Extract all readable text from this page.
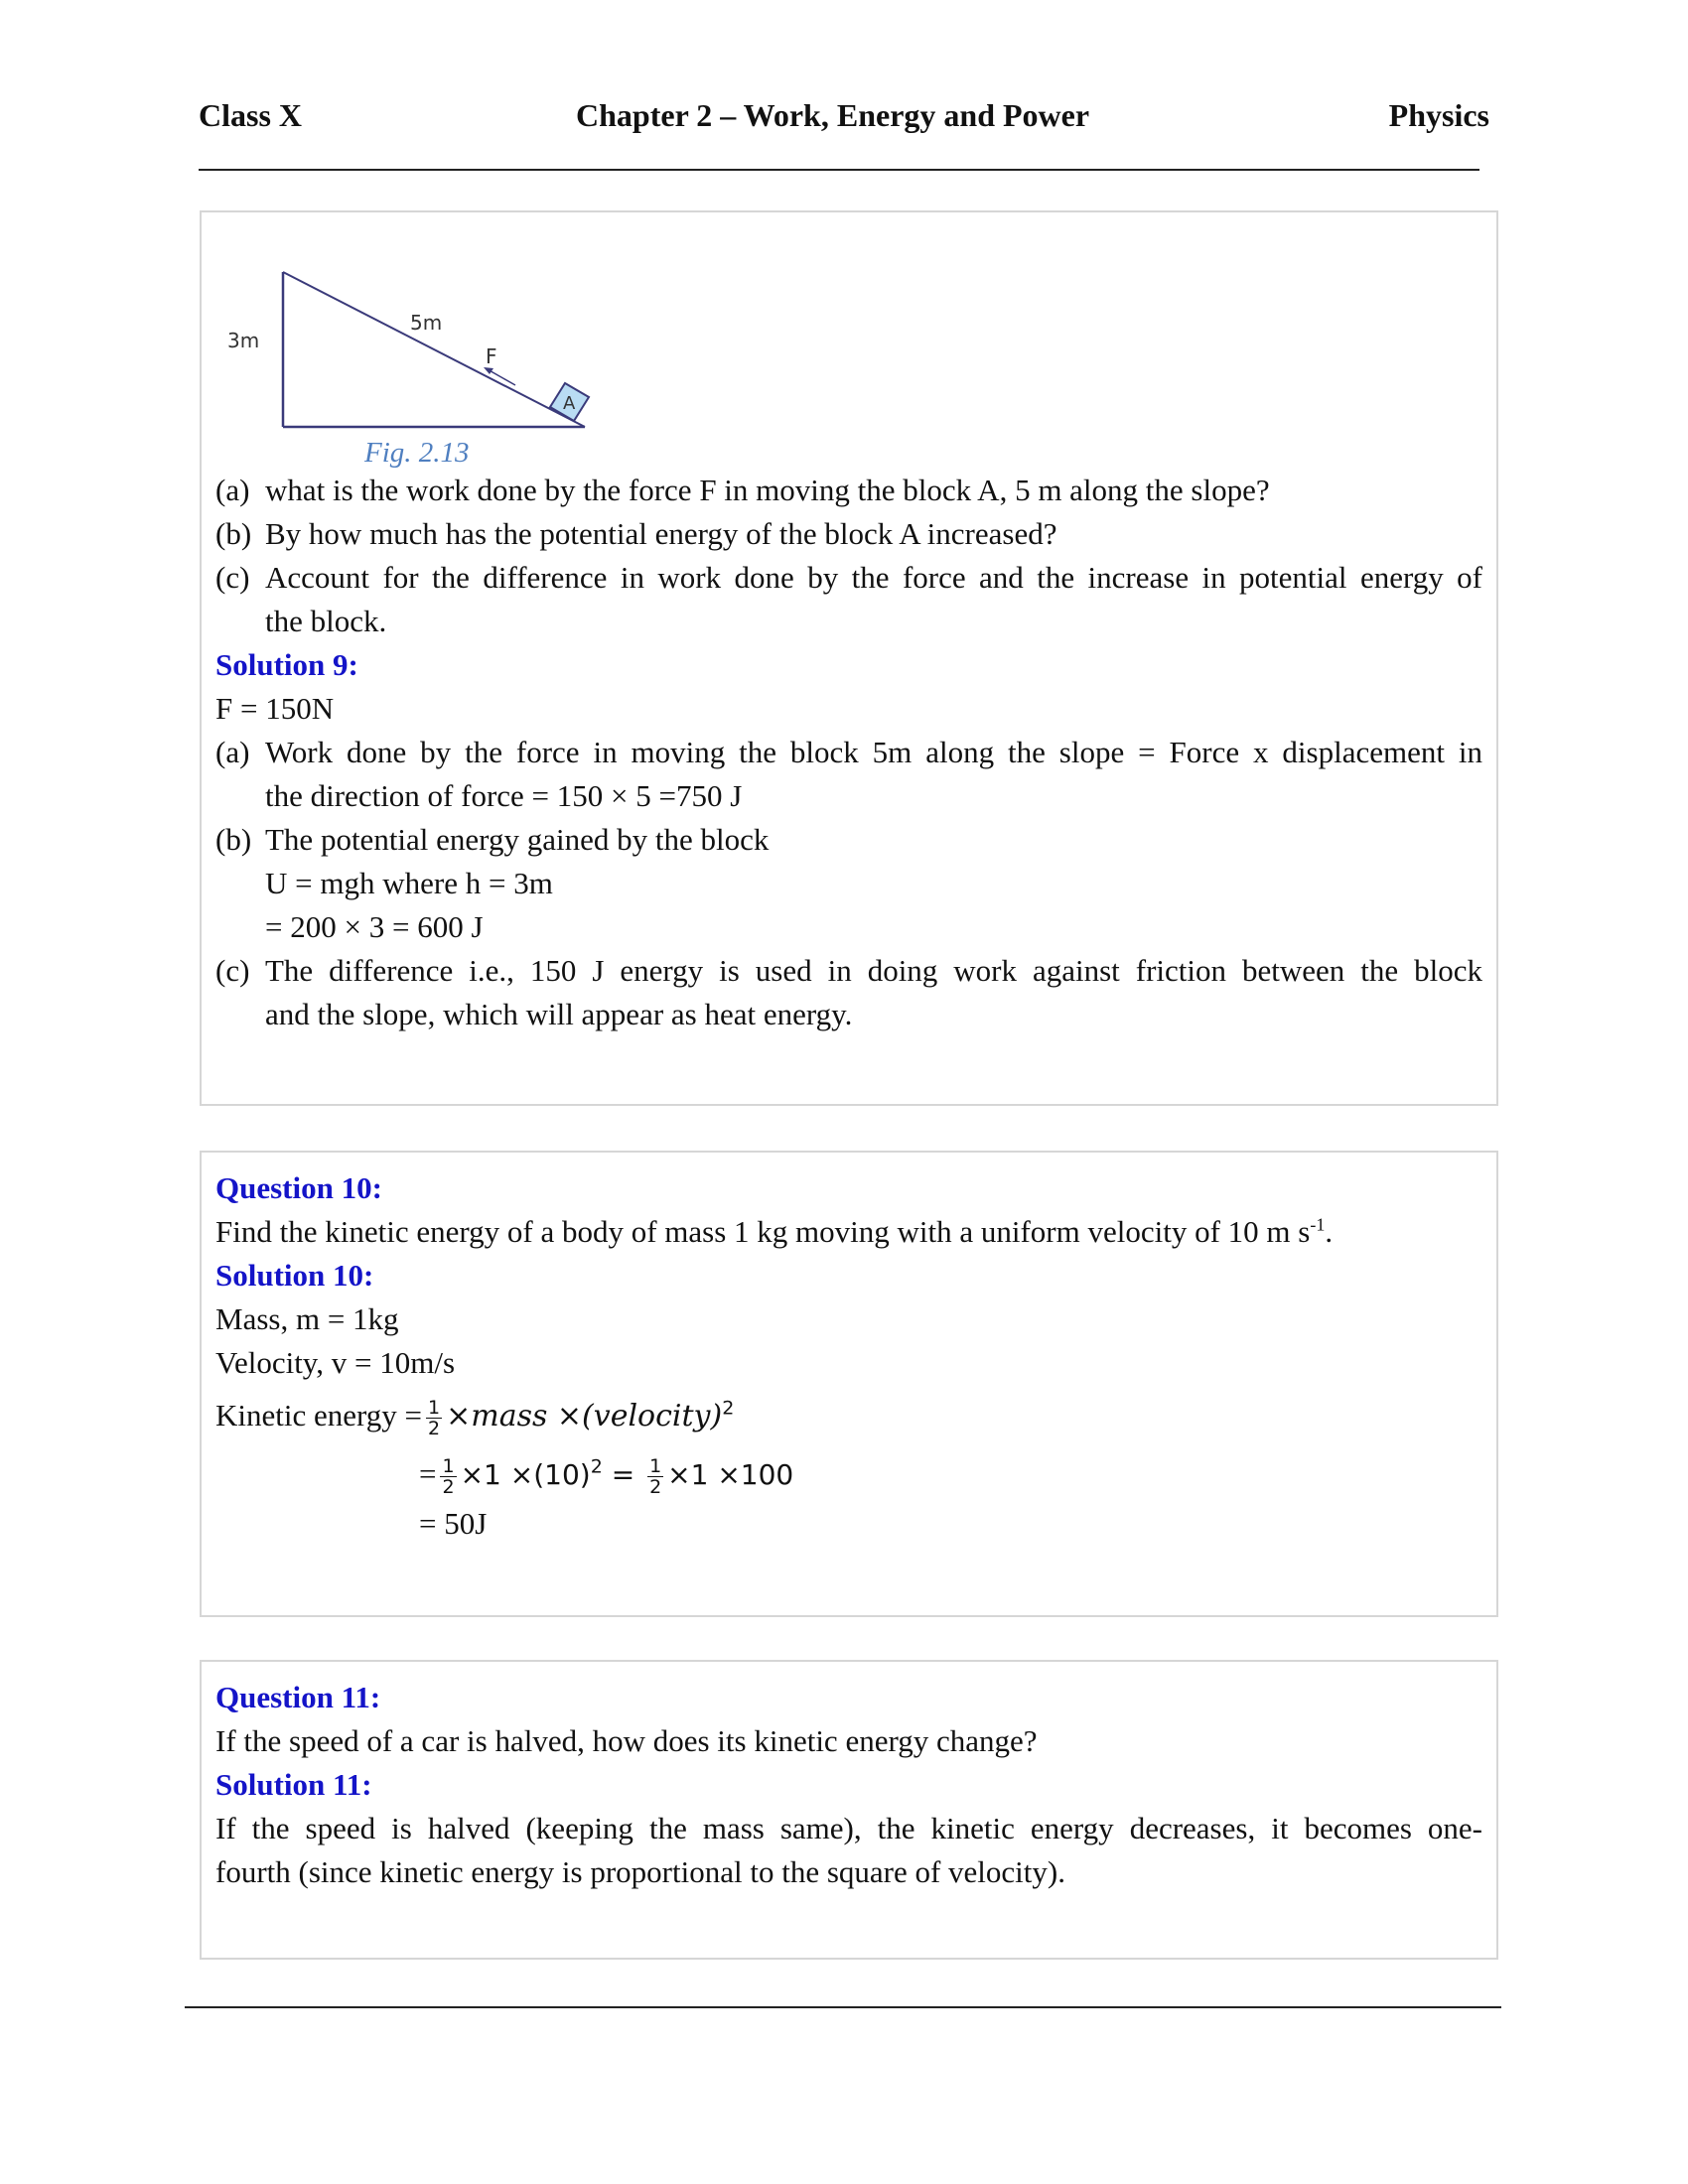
Class X	Chapter 2 – Work, Energy and Power	Physics
3m
5m
F
A
Fig. 2.13
(a) what is the work done by the force F in moving the block A, 5 m along the slope?
(b) By how much has the potential energy of the block A increased?
(c) Account for the difference in work done by the force and the increase in potential energy of
the block.
Solution 9:
F = 150N
(a) Work done by the force in moving the block 5m along the slope = Force x displacement in
the direction of force = 150 × 5 =750 J
(b) The potential energy gained by the block
U = mgh where h = 3m
= 200 × 3 = 600 J
(c) The difference i.e., 150 J energy is used in doing work against friction between the block
and the slope, which will appear as heat energy.
Question 10:
Find the kinetic energy of a body of mass 1 kg moving with a uniform velocity of 10 m $s^{-1}$.
Solution 10:
Mass, m = 1kg
Velocity, v = 10m/s
Kinetic energy = $\frac{1}{2}$ ×mass ×(velocity)$^2$
= $\frac{1}{2} \times 1 \times(10)^2 = \frac{1}{2} \times 1 \times 100$
= 50J
Question 11:
If the speed of a car is halved, how does its kinetic energy change?
Solution 11:
If the speed is halved (keeping the mass same), the kinetic energy decreases, it becomes one-
fourth (since kinetic energy is proportional to the square of velocity).
